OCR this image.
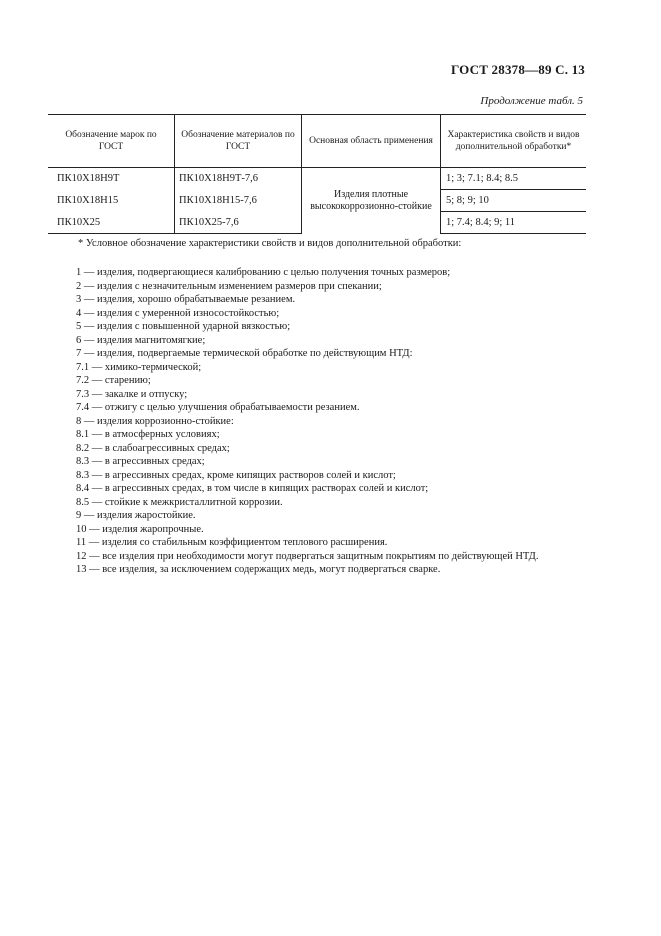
ГОСТ 28378—89 С. 13
Продолжение табл. 5
Обозначение марок по ГОСТ	Обозначение материалов по ГОСТ	Основная область применения	Характеристика свойств и видов дополнительной обработки*
ПК10Х18Н9Т	ПК10Х18Н9Т-7,6	Изделия плотные высококоррозионно-стойкие	1; 3; 7.1; 8.4; 8.5
ПК10Х18Н15	ПК10Х18Н15-7,6		5; 8; 9; 10
ПК10Х25	ПК10Х25-7,6		1; 7.4; 8.4; 9; 11
* Условное обозначение характеристики свойств и видов дополнительной обработки:
1 — изделия, подвергающиеся калиброванию с целью получения точных размеров;
2 — изделия с незначительным изменением размеров при спекании;
3 — изделия, хорошо обрабатываемые резанием.
4 — изделия с умеренной износостойкостью;
5 — изделия с повышенной ударной вязкостью;
6 — изделия магнитомягкие;
7 — изделия, подвергаемые термической обработке по действующим НТД:
7.1 — химико-термической;
7.2 — старению;
7.3 — закалке и отпуску;
7.4 — отжигу с целью улучшения обрабатываемости резанием.
8 — изделия коррозионно-стойкие:
8.1 — в атмосферных условиях;
8.2 — в слабоагрессивных средах;
8.3 — в агрессивных средах;
8.3 — в агрессивных средах, кроме кипящих растворов солей и кислот;
8.4 — в агрессивных средах, в том числе в кипящих растворах солей и кислот;
8.5 — стойкие к межкристаллитной коррозии.
9 — изделия жаростойкие.
10 — изделия жаропрочные.
11 — изделия со стабильным коэффициентом теплового расширения.
12 — все изделия при необходимости могут подвергаться защитным покрытиям по действующей НТД.
13 — все изделия, за исключением содержащих медь, могут подвергаться сварке.
